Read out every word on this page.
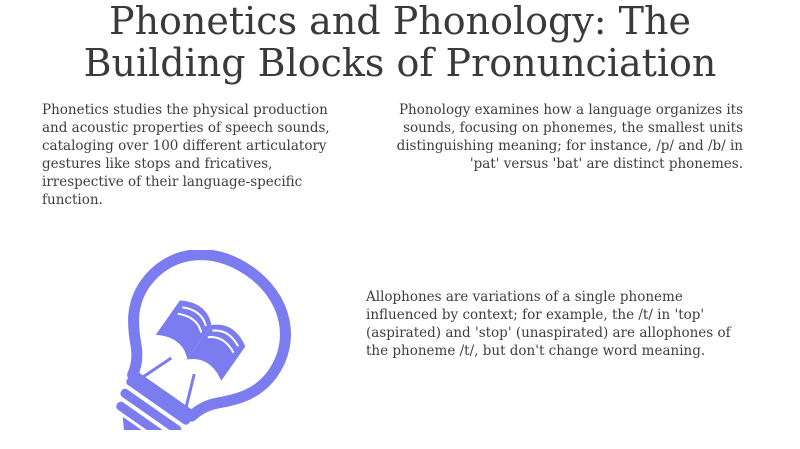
Phonetics and Phonology: The
Building Blocks of Pronunciation

Phonetics studies the physical production and acoustic properties of speech sounds, cataloging over 100 different articulatory gestures like stops and fricatives, irrespective of their language-specific function.

Phonology examines how a language organizes its sounds, focusing on phonemes, the smallest units distinguishing meaning; for instance, /p/ and /b/ in 'pat' versus 'bat' are distinct phonemes.

Allophones are variations of a single phoneme influenced by context; for example, the /t/ in 'top' (aspirated) and 'stop' (unaspirated) are allophones of the phoneme /t/, but don't change word meaning.
